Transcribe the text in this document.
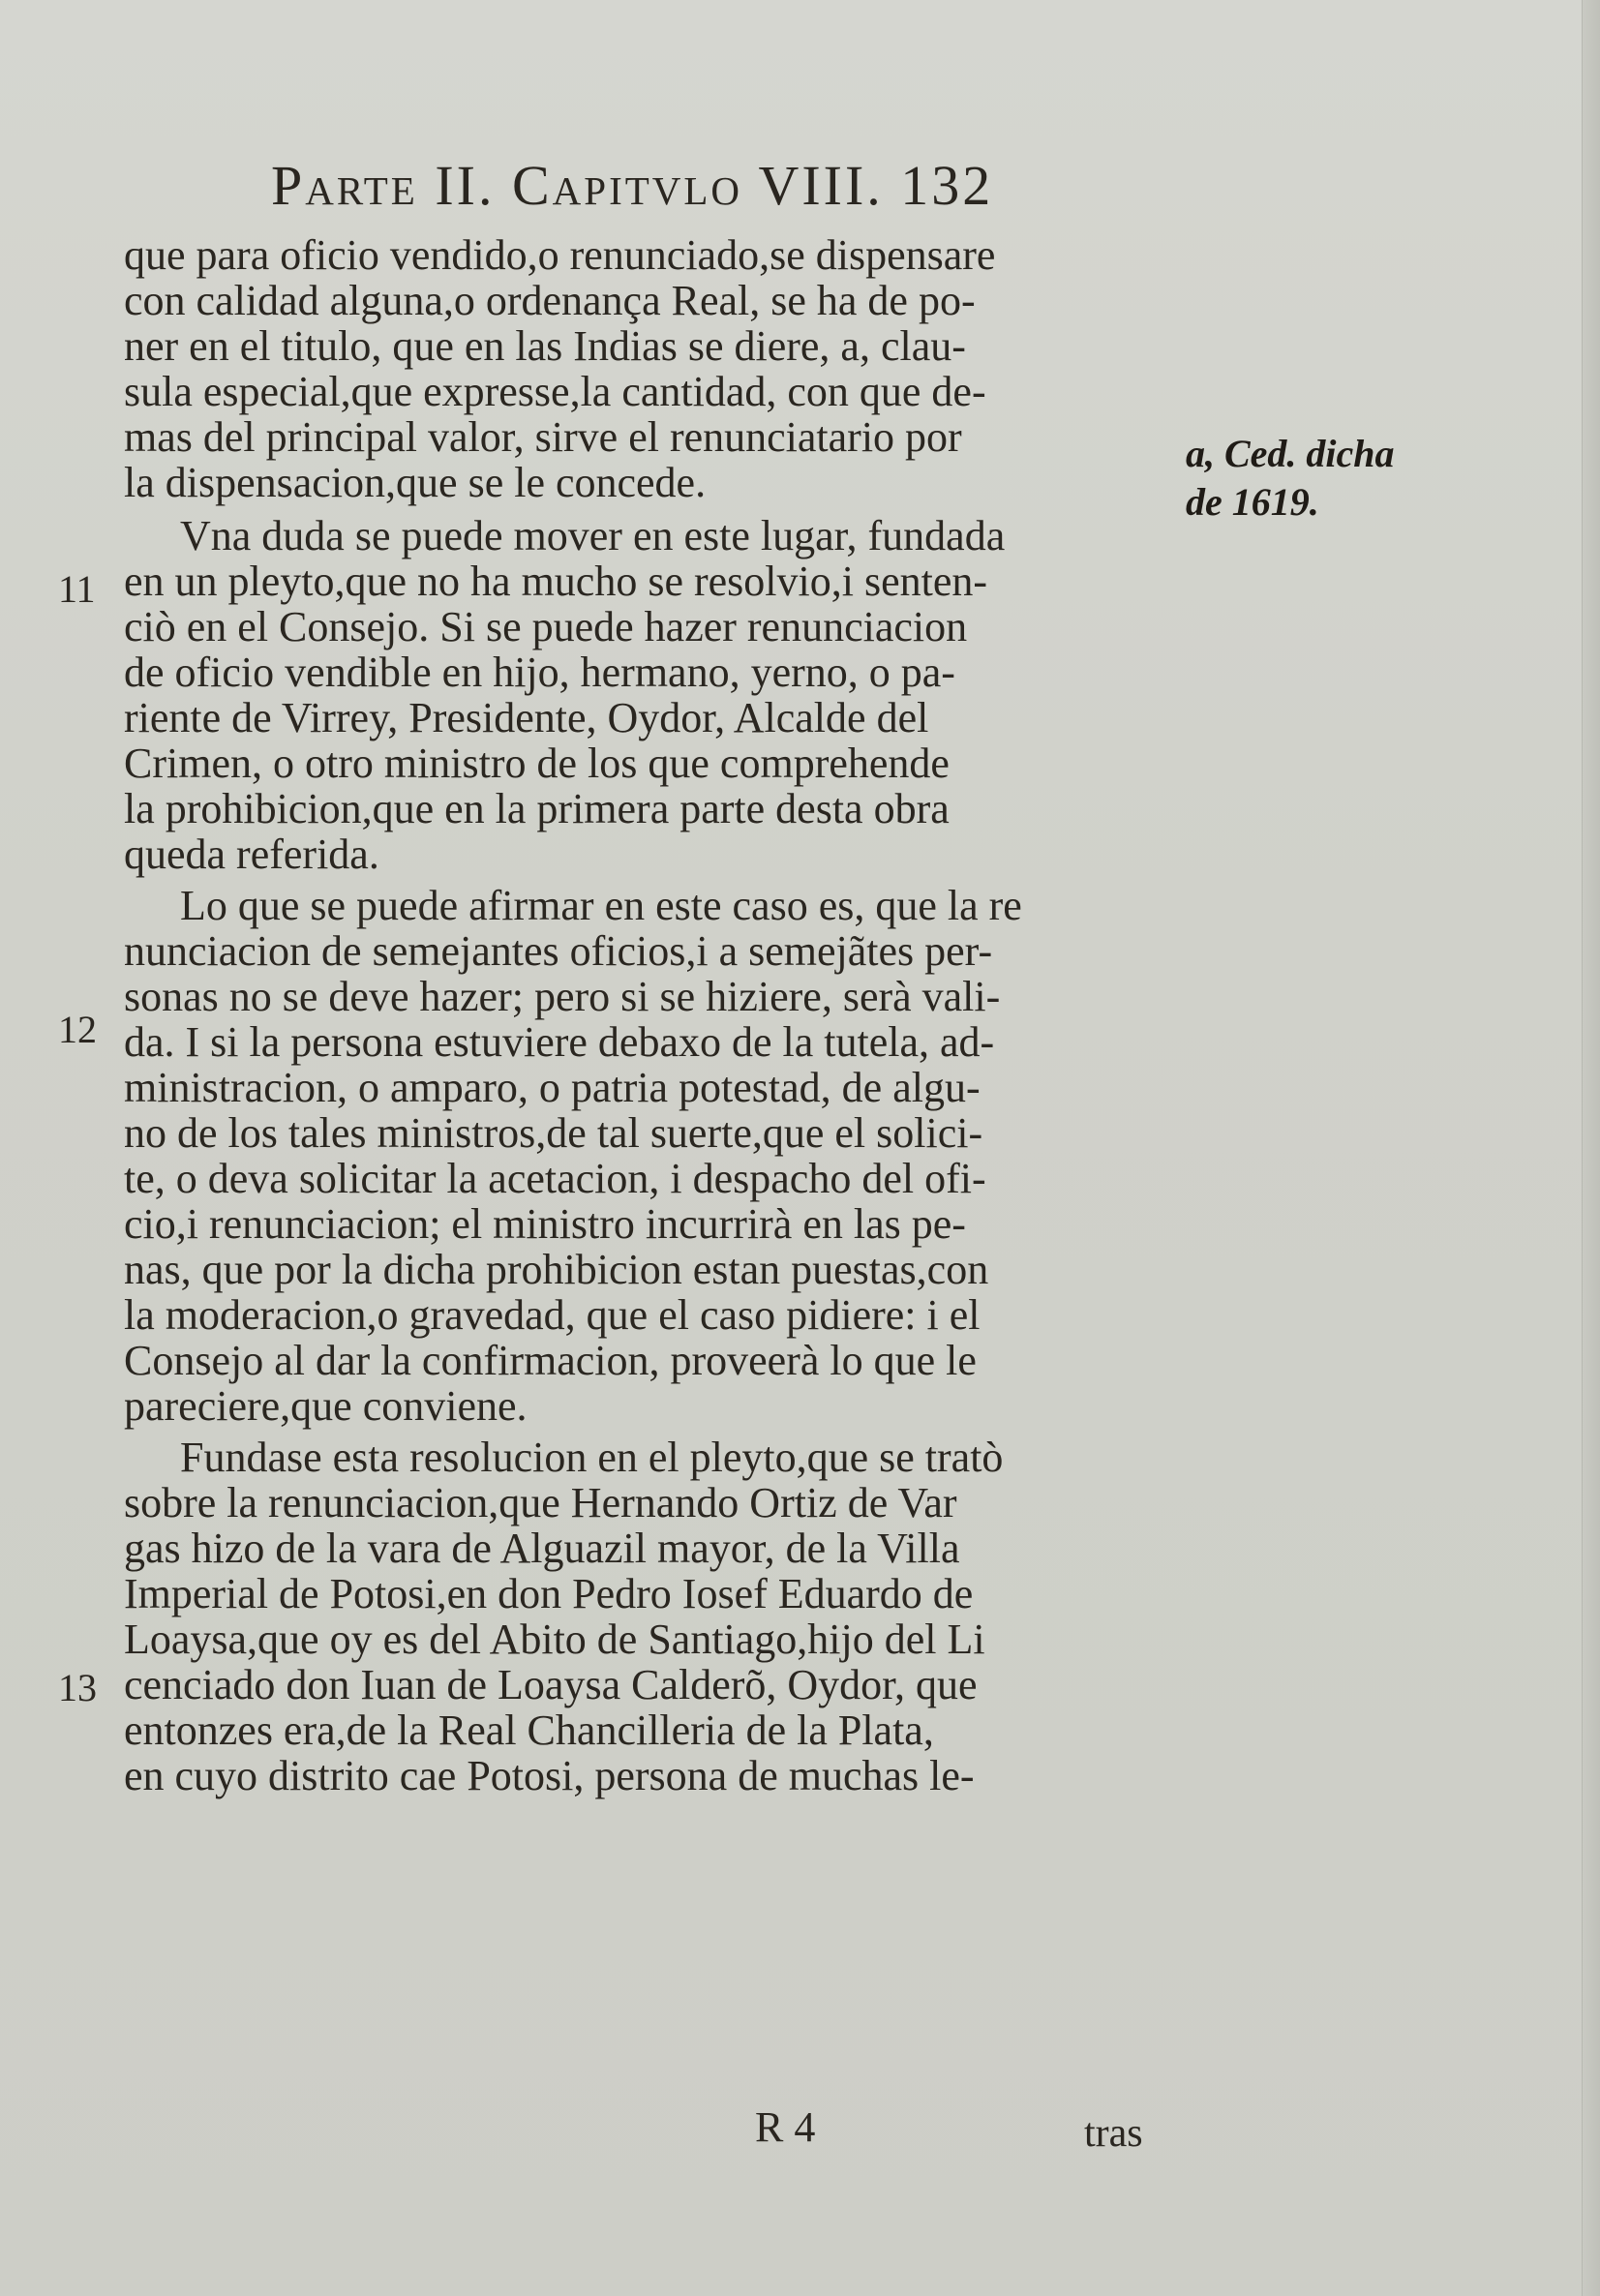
Parte II. Capitvlo VIII. 132
que para oficio vendido,o renunciado,se dispensare
con calidad alguna,o ordenança Real, se ha de po-
ner en el titulo, que en las Indias se diere, a, clau-
sula especial,que expresse,la cantidad, con que de-
mas del principal valor, sirve el renunciatario por
la dispensacion,que se le concede.
Vna duda se puede mover en este lugar, fundada
en un pleyto,que no ha mucho se resolvio,i senten-
ciò en el Consejo. Si se puede hazer renunciacion
de oficio vendible en hijo, hermano, yerno, o pa-
riente de Virrey, Presidente, Oydor, Alcalde del
Crimen, o otro ministro de los que comprehende
la prohibicion,que en la primera parte desta obra
queda referida.
Lo que se puede afirmar en este caso es, que la re
nunciacion de semejantes oficios,i a semejãtes per-
sonas no se deve hazer; pero si se hiziere, serà vali-
da. I si la persona estuviere debaxo de la tutela, ad-
ministracion, o amparo, o patria potestad, de algu-
no de los tales ministros,de tal suerte,que el solici-
te, o deva solicitar la acetacion, i despacho del ofi-
cio,i renunciacion; el ministro incurrirà en las pe-
nas, que por la dicha prohibicion estan puestas,con
la moderacion,o gravedad, que el caso pidiere: i el
Consejo al dar la confirmacion, proveerà lo que le
pareciere,que conviene.
Fundase esta resolucion en el pleyto,que se tratò
sobre la renunciacion,que Hernando Ortiz de Var
gas hizo de la vara de Alguazil mayor, de la Villa
Imperial de Potosi,en don Pedro Iosef Eduardo de
Loaysa,que oy es del Abito de Santiago,hijo del Li
cenciado don Iuan de Loaysa Calderõ, Oydor, que
entonzes era,de la Real Chancilleria de la Plata,
en cuyo distrito cae Potosi, persona de muchas le-
11
12
13
a, Ced. dicha
de 1619.
R 4	tras
